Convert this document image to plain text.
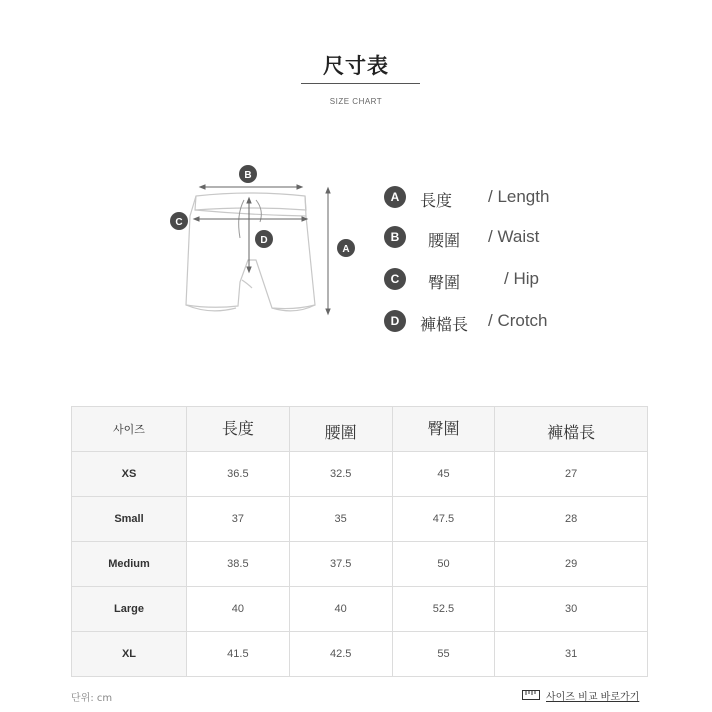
尺寸表
SIZE CHART
B
C
D
A
A	長度 / Length
B	腰圍 / Waist
C	臀圍	/ Hip
D	褲檔長 / Crotch
사이즈	長度	腰圍	臀圍	褲檔長
XS	36.5	32.5	45	27
Small	37	35	47.5	28
Medium	38.5	37.5	50	29
Large	40	40	52.5	30
XL	41.5	42.5	55	31
단위: cm	사이즈 비교 바로가기
